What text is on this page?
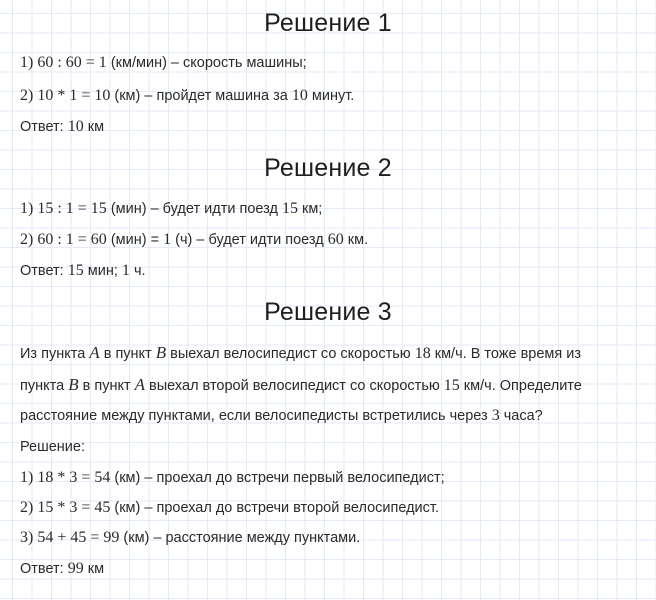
Решение 1

1) 60 : 60 = 1 (км/мин) – скорость машины;

2) 10 * 1 = 10 (км) – пройдет машина за 10 минут.

Ответ: 10 км

Решение 2

1) 15 : 1 = 15 (мин) – будет идти поезд 15 км;

2) 60 : 1 = 60 (мин) = 1 (ч) – будет идти поезд 60 км.

Ответ: 15 мин; 1 ч.

Решение 3

Из пункта A в пункт B выехал велосипедист со скоростью 18 км/ч. В тоже время из

пункта B в пункт A выехал второй велосипедист со скоростью 15 км/ч. Определите

расстояние между пунктами, если велосипедисты встретились через 3 часа?

Решение:

1) 18 * 3 = 54 (км) – проехал до встречи первый велосипедист;

2) 15 * 3 = 45 (км) – проехал до встречи второй велосипедист.

3) 54 + 45 = 99 (км) – расстояние между пунктами.

Ответ: 99 км
